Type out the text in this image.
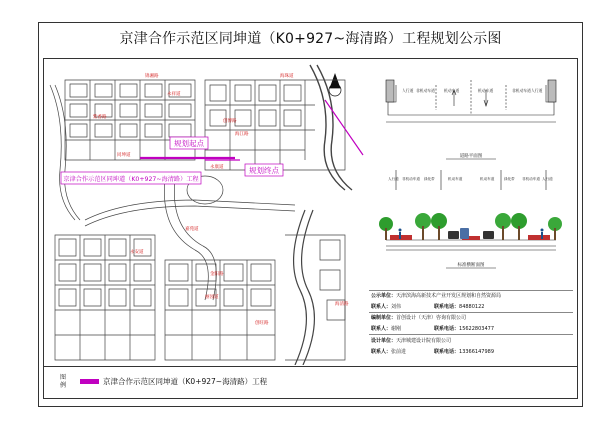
京津合作示范区同坤道（K0+927~海清路）工程规划公示图
规划起点
规划终点
京津合作示范区同坤道（K0+927~海清路）工程
锦湘路	海珠道
同坤道
创博路
紫香路
永祥道
永康道
海江路
嘉苑道
永安道
金阳路
丽园道
海清路
创旺路
人行道 非机动车道 机动车道	机动车道	非机动车道 人行道
道路平面图
人行道 非机动车道 绿化带	机动车道	机动车道	绿化带 非机动车道 人行道
标准横断面图
公示单位：天津滨海高新技术产业开发区规划和自然资源局
联系人：刘伟	联系电话：84880122
编制单位：首创设计（天津）咨询有限公司
联系人：谢刚	联系电话：15622803477
设计单位：天津城建设计院有限公司
联系人：张前进	联系电话：13366147989
图
例	京津合作示范区同坤道（K0+927~海清路）工程
